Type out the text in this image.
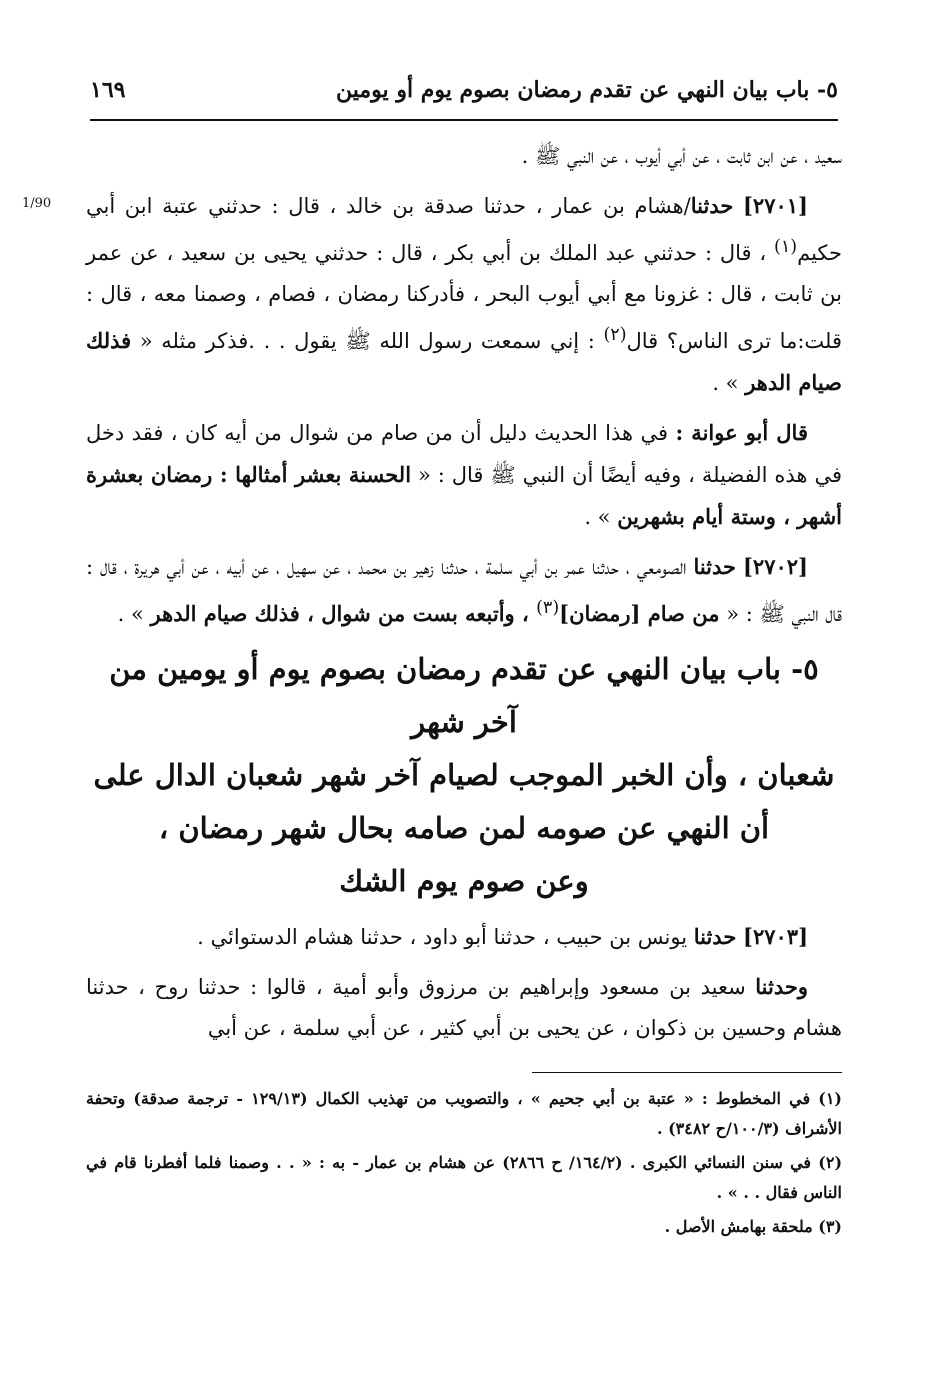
٥- باب بيان النهي عن تقدم رمضان بصوم يوم أو يومين
١٦٩
1/90

سعيد ، عن ابن ثابت ، عن أبي أيوب ، عن النبي ﷺ .

[٢٧٠١] حدثنا/هشام بن عمار ، حدثنا صدقة بن خالد ، قال : حدثني عتبة ابن أبي حكيم$^{(١)}$ ، قال : حدثني عبد الملك بن أبي بكر ، قال : حدثني يحيى بن سعيد ، عن عمر بن ثابت ، قال : غزونا مع أبي أيوب البحر ، فأدركنا رمضان ، فصام ، وصمنا معه ، قال : قلت:ما ترى الناس؟ قال$^{(٢)}$ : إني سمعت رسول الله ﷺ يقول . . .فذكر مثله « فذلك صيام الدهر » .

قال أبو عوانة : في هذا الحديث دليل أن من صام من شوال من أيه كان ، فقد دخل في هذه الفضيلة ، وفيه أيضًا أن النبي ﷺ قال : « الحسنة بعشر أمثالها : رمضان بعشرة أشهر ، وستة أيام بشهرين » .

[٢٧٠٢] حدثنا الصومعي ، حدثنا عمر بن أبي سلمة ، حدثنا زهير بن محمد ، عن سهيل ، عن أبيه ، عن أبي هريرة ، قال : قال النبي ﷺ : « من صام [رمضان]$^{(٣)}$ ، وأتبعه بست من شوال ، فذلك صيام الدهر » .

٥- باب بيان النهي عن تقدم رمضان بصوم يوم أو يومين من آخر شهر
شعبان ، وأن الخبر الموجب لصيام آخر شهر شعبان الدال على
أن النهي عن صومه لمن صامه بحال شهر رمضان ،
وعن صوم يوم الشك

[٢٧٠٣] حدثنا يونس بن حبيب ، حدثنا أبو داود ، حدثنا هشام الدستوائي .

وحدثنا سعيد بن مسعود وإبراهيم بن مرزوق وأبو أمية ، قالوا : حدثنا روح ، حدثنا هشام وحسين بن ذكوان ، عن يحيى بن أبي كثير ، عن أبي سلمة ، عن أبي

(١) في المخطوط : « عتبة بن أبي جحيم » ، والتصويب من تهذيب الكمال (١٢٩/١٣ - ترجمة صدقة) وتحفة الأشراف (١٠٠/٣/ح ٣٤٨٢) .

(٢) في سنن النسائي الكبرى . (١٦٤/٢/ ح ٢٨٦٦) عن هشام بن عمار - به : « . . وصمنا فلما أفطرنا قام في الناس فقال . . » .

(٣) ملحقة بهامش الأصل .
